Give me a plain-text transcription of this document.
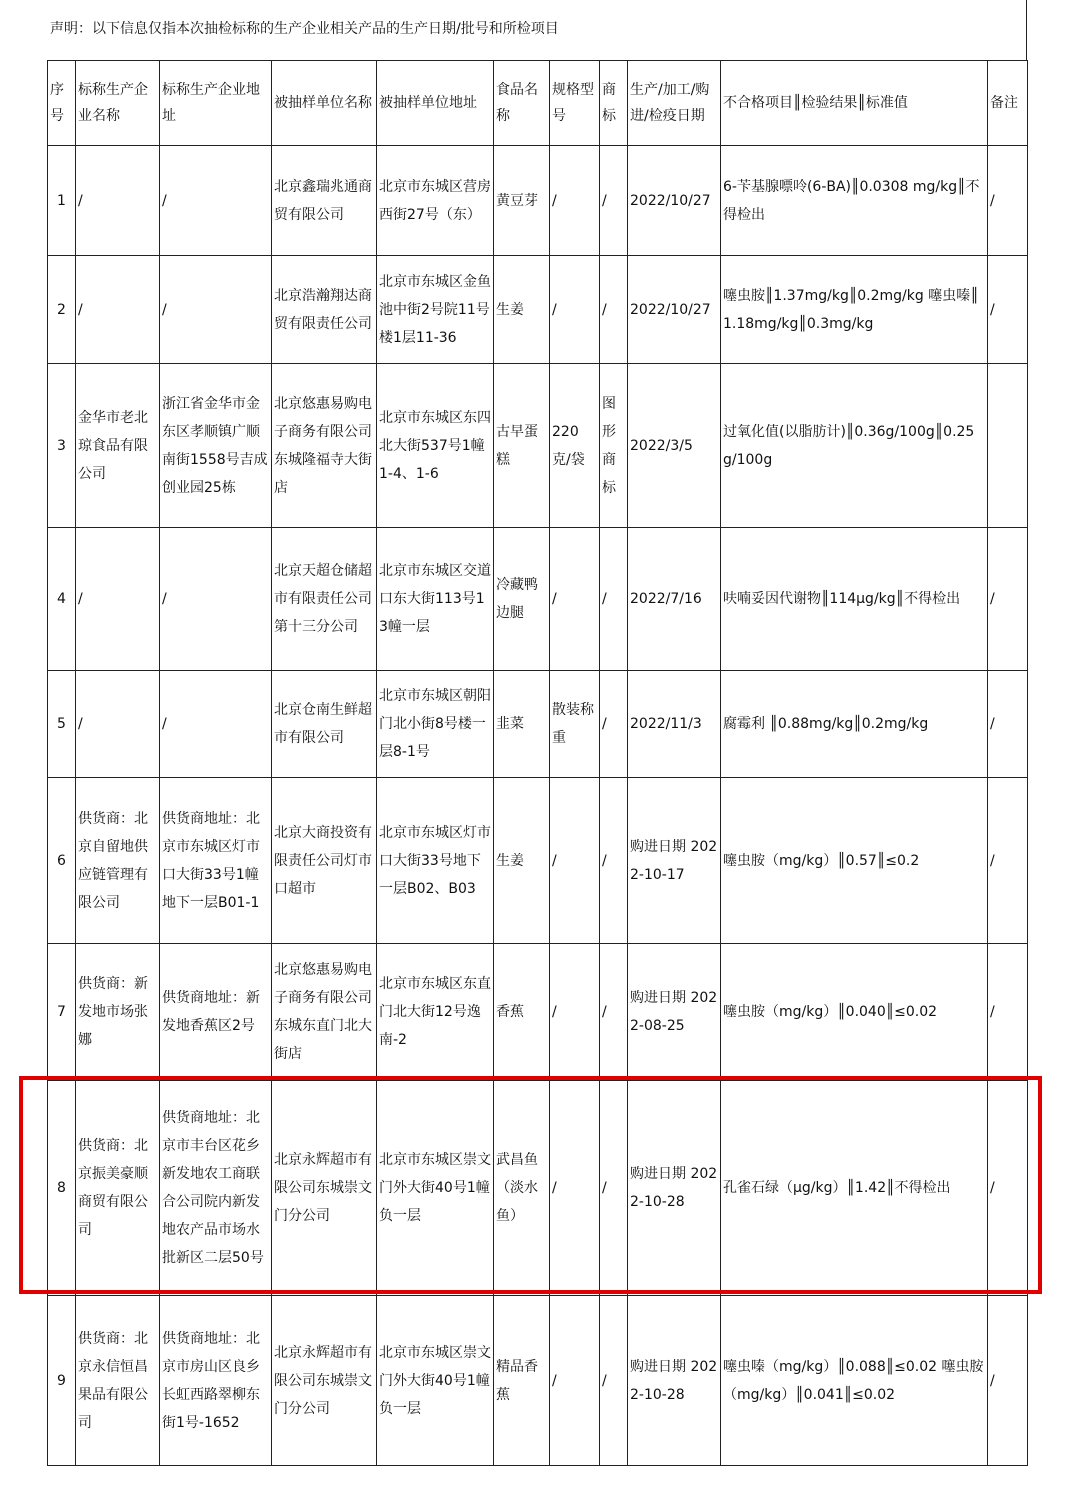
声明：以下信息仅指本次抽检标称的生产企业相关产品的生产日期/批号和所检项目
序号	标称生产企业名称	标称生产企业地址	被抽样单位名称	被抽样单位地址	食品名称	规格型号	商标	生产/加工/购进/检疫日期	不合格项目║检验结果║标准值	备注
1	/	/	北京鑫瑞兆通商贸有限公司	北京市东城区营房西街27号（东）	黄豆芽	/	/	2022/10/27	6-苄基腺嘌呤(6-BA)║0.0308 mg/kg║不得检出	/
2	/	/	北京浩瀚翔达商贸有限责任公司	北京市东城区金鱼池中街2号院11号楼1层11-36	生姜	/	/	2022/10/27	噻虫胺║1.37mg/kg║0.2mg/kg 噻虫嗪║1.18mg/kg║0.3mg/kg	/
3	金华市老北琼食品有限公司	浙江省金华市金东区孝顺镇广顺南街1558号吉成创业园25栋	北京悠惠易购电子商务有限公司东城隆福寺大街店	北京市东城区东四北大街537号1幢1-4、1-6	古早蛋糕	220克/袋	图形商标	2022/3/5	过氧化值(以脂肪计)║0.36g/100g║0.25g/100g	
4	/	/	北京天超仓储超市有限责任公司第十三分公司	北京市东城区交道口东大街113号13幢一层	冷藏鸭边腿	/	/	2022/7/16	呋喃妥因代谢物║114μg/kg║不得检出	/
5	/	/	北京仓南生鲜超市有限公司	北京市东城区朝阳门北小街8号楼一层8-1号	韭菜	散装称重	/	2022/11/3	腐霉利 ║0.88mg/kg║0.2mg/kg	/
6	供货商：北京自留地供应链管理有限公司	供货商地址：北京市东城区灯市口大街33号1幢地下一层B01-1	北京大商投资有限责任公司灯市口超市	北京市东城区灯市口大街33号地下一层B02、B03	生姜	/	/	购进日期 2022-10-17	噻虫胺（mg/kg）║0.57║≤0.2	/
7	供货商：新发地市场张娜	供货商地址：新发地香蕉区2号	北京悠惠易购电子商务有限公司东城东直门北大街店	北京市东城区东直门北大街12号逸南-2	香蕉	/	/	购进日期 2022-08-25	噻虫胺（mg/kg）║0.040║≤0.02	/
8	供货商：北京振美豪顺商贸有限公司	供货商地址：北京市丰台区花乡新发地农工商联合公司院内新发地农产品市场水批新区二层50号	北京永辉超市有限公司东城崇文门分公司	北京市东城区崇文门外大街40号1幢负一层	武昌鱼（淡水鱼）	/	/	购进日期 2022-10-28	孔雀石绿（μg/kg）║1.42║不得检出	/
9	供货商：北京永信恒昌果品有限公司	供货商地址：北京市房山区良乡长虹西路翠柳东街1号-1652	北京永辉超市有限公司东城崇文门分公司	北京市东城区崇文门外大街40号1幢负一层	精品香蕉	/	/	购进日期 2022-10-28	噻虫嗪（mg/kg）║0.088║≤0.02 噻虫胺（mg/kg）║0.041║≤0.02	/
